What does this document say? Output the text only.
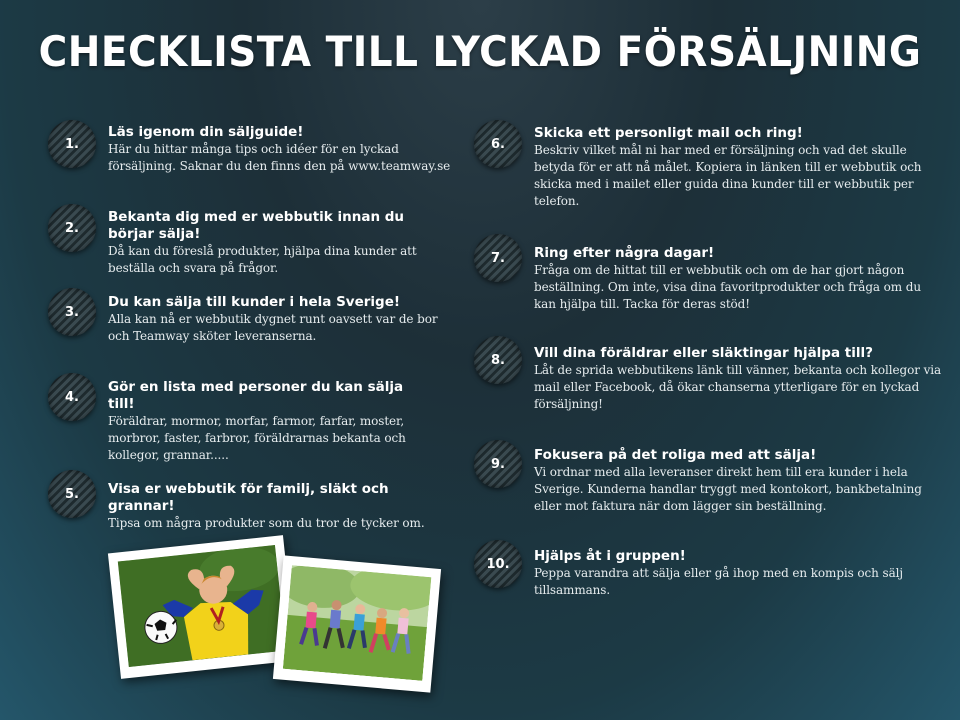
CHECKLISTA TILL LYCKAD FÖRSÄLJNING
1.

Läs igenom din säljguide!

Här du hittar många tips och idéer för en lyckad försäljning. Saknar du den finns den på www.teamway.se

2.

Bekanta dig med er webbutik innan du börjar sälja!

Då kan du föreslå produkter, hjälpa dina kunder att beställa och svara på frågor.

3.

Du kan sälja till kunder i hela Sverige!

Alla kan nå er webbutik dygnet runt oavsett var de bor och Teamway sköter leveranserna.

4.

Gör en lista med personer du kan sälja till!

Föräldrar, mormor, morfar, farmor, farfar, moster, morbror, faster, farbror, föräldrarnas bekanta och kollegor, grannar.....

5.	Visa er webbutik för familj, släkt och grannar!

Tipsa om några produkter som du tror de tycker om.

6.

Skicka ett personligt mail och ring!

Beskriv vilket mål ni har med er försäljning och vad det skulle betyda för er att nå målet. Kopiera in länken till er webbutik och skicka med i mailet eller guida dina kunder till er webbutik per telefon.

7.	Ring efter några dagar!

Fråga om de hittat till er webbutik och om de har gjort någon beställning. Om inte, visa dina favoritprodukter och fråga om du kan hjälpa till. Tacka för deras stöd!

8.	Vill dina föräldrar eller släktingar hjälpa till?

Låt de sprida webbutikens länk till vänner, bekanta och kollegor via mail eller Facebook, då ökar chanserna ytterligare för en lyckad försäljning!

9.

Fokusera på det roliga med att sälja!

Vi ordnar med alla leveranser direkt hem till era kunder i hela Sverige. Kunderna handlar tryggt med kontokort, bankbetalning eller mot faktura när dom lägger sin beställning.

10.	Hjälps åt i gruppen!

Peppa varandra att sälja eller gå ihop med en kompis och sälj tillsammans.
